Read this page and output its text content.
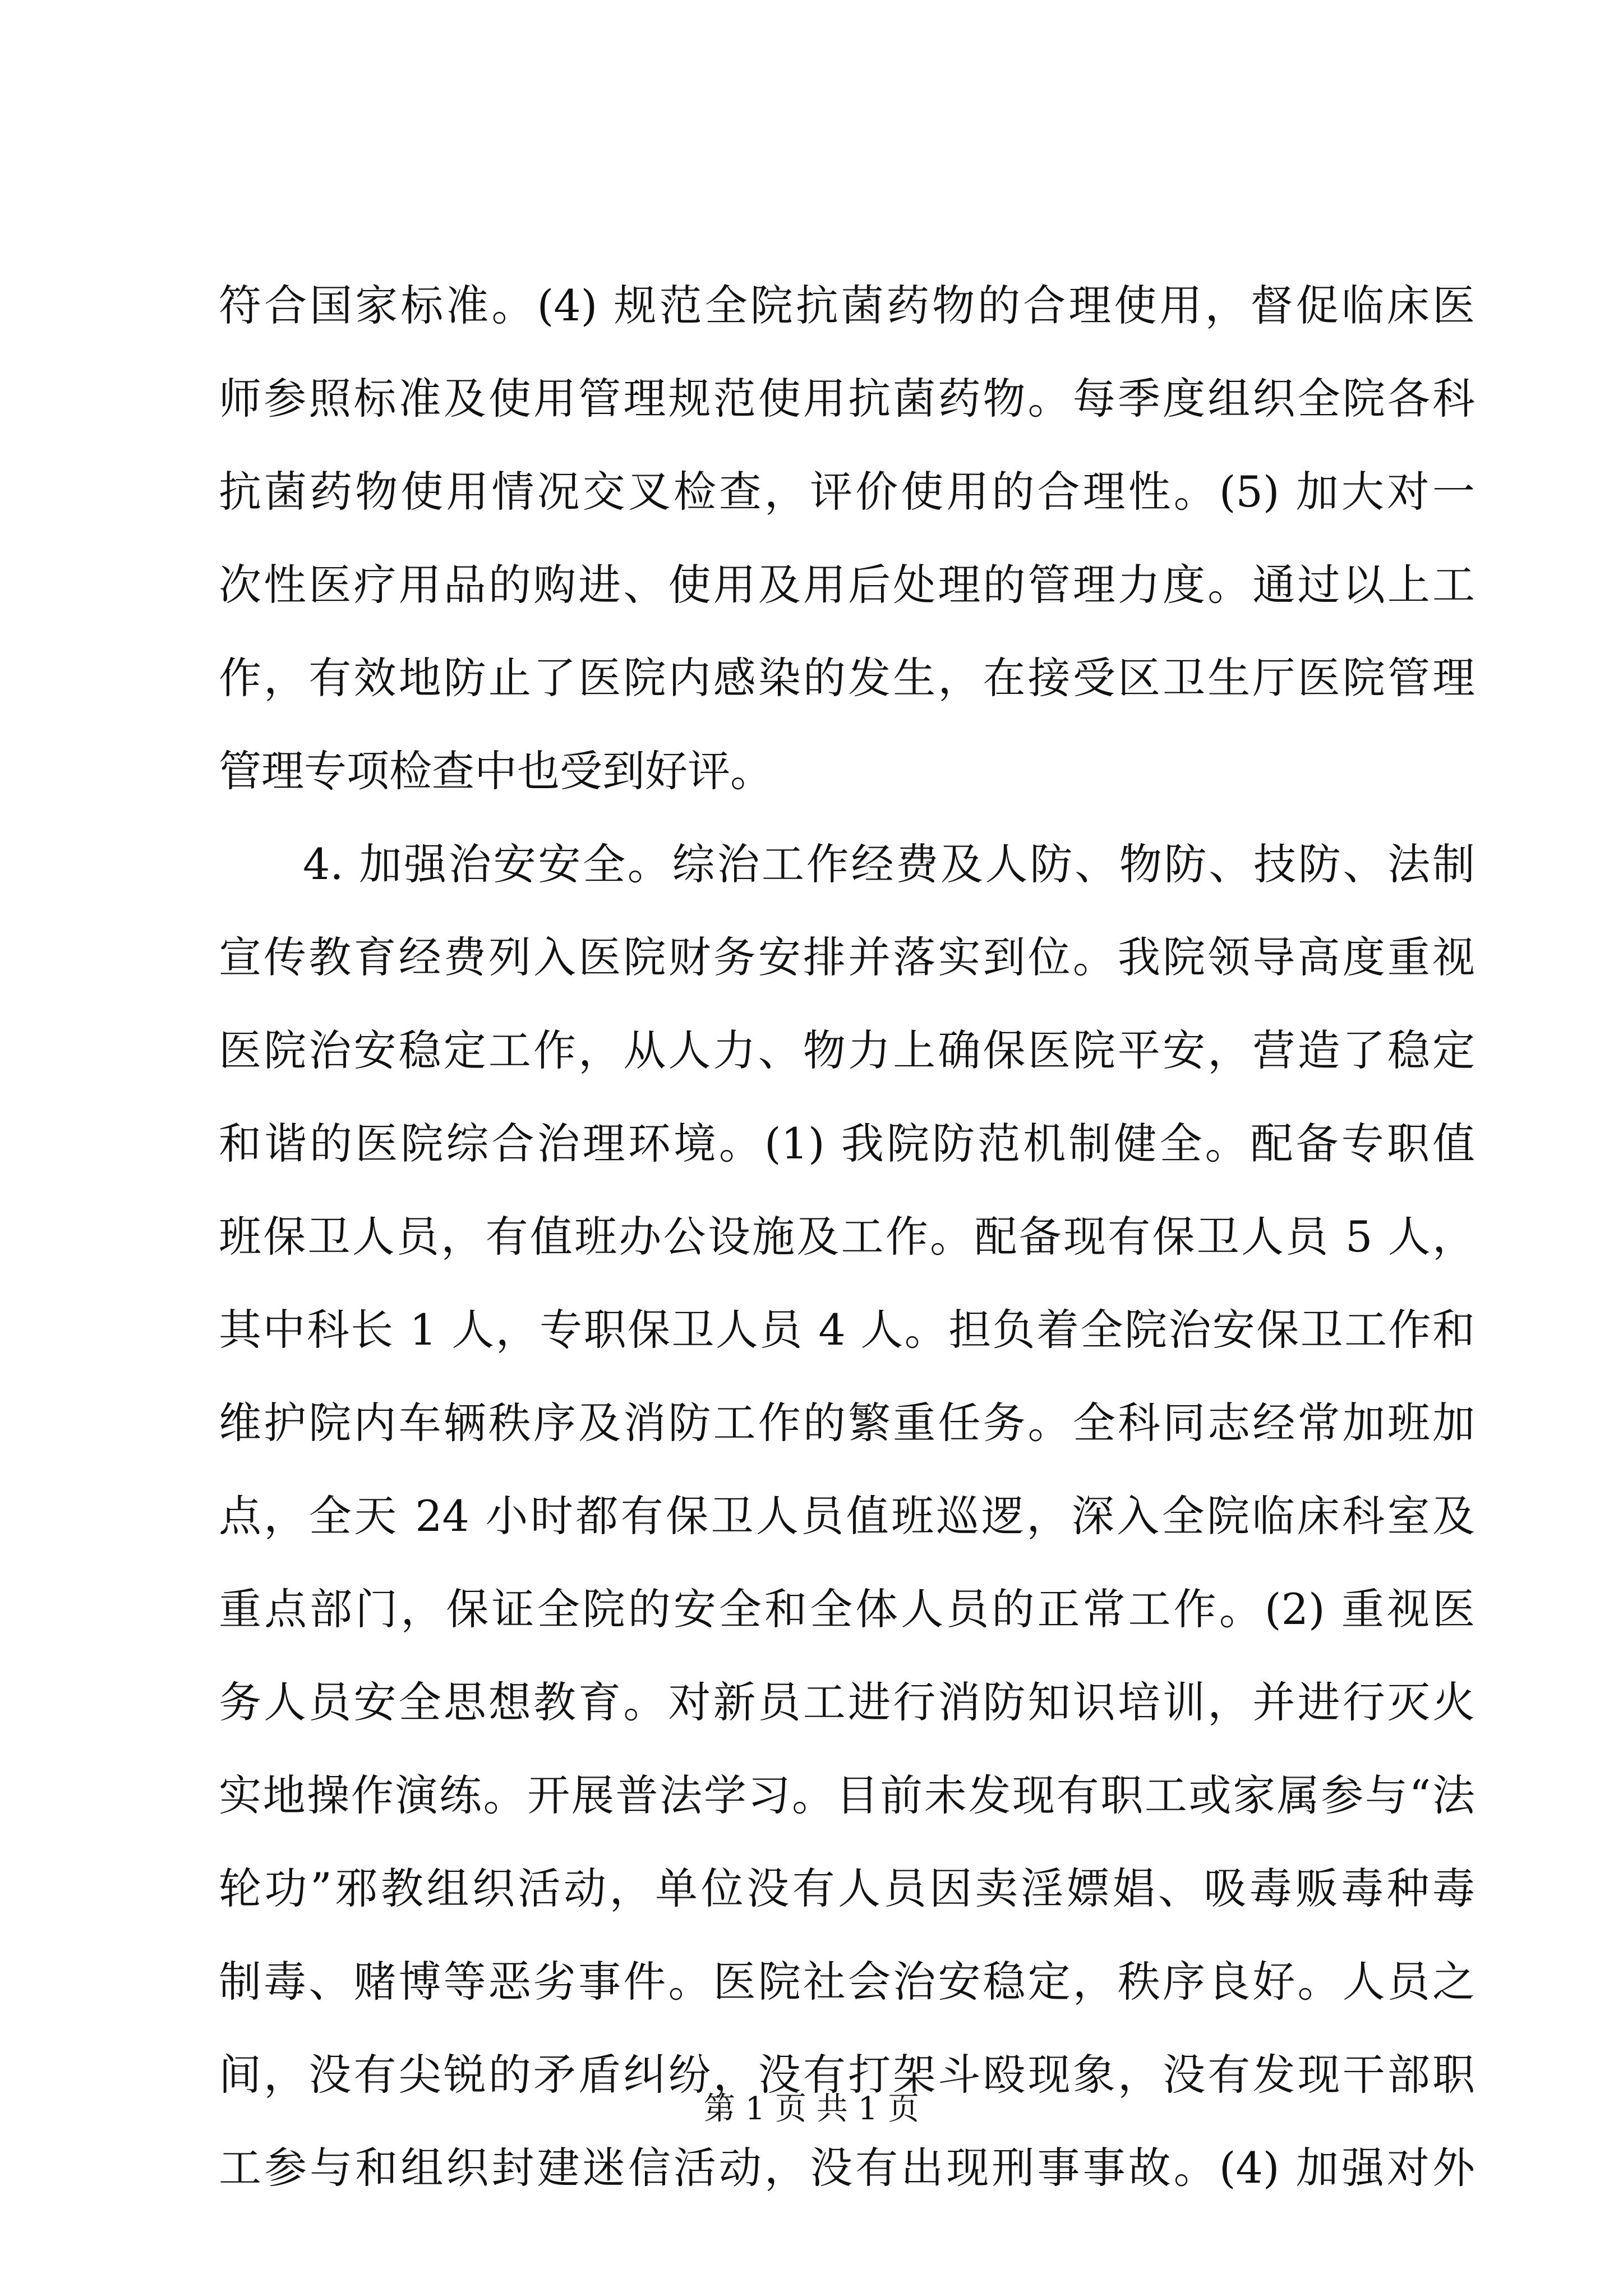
符合国家标准。(4) 规范全院抗菌药物的合理使用，督促临床医
师参照标准及使用管理规范使用抗菌药物。每季度组织全院各科
抗菌药物使用情况交叉检查，评价使用的合理性。(5) 加大对一
次性医疗用品的购进、使用及用后处理的管理力度。通过以上工
作，有效地防止了医院内感染的发生，在接受区卫生厅医院管理
管理专项检查中也受到好评。
4. 加强治安安全。综治工作经费及人防、物防、技防、法制
宣传教育经费列入医院财务安排并落实到位。我院领导高度重视
医院治安稳定工作，从人力、物力上确保医院平安，营造了稳定
和谐的医院综合治理环境。(1) 我院防范机制健全。配备专职值
班保卫人员，有值班办公设施及工作。配备现有保卫人员 5 人，
其中科长 1 人，专职保卫人员 4 人。担负着全院治安保卫工作和
维护院内车辆秩序及消防工作的繁重任务。全科同志经常加班加
点，全天 24 小时都有保卫人员值班巡逻，深入全院临床科室及
重点部门，保证全院的安全和全体人员的正常工作。(2) 重视医
务人员安全思想教育。对新员工进行消防知识培训，并进行灭火
实地操作演练。开展普法学习。目前未发现有职工或家属参与“法
轮功”邪教组织活动，单位没有人员因卖淫嫖娼、吸毒贩毒种毒
制毒、赌博等恶劣事件。医院社会治安稳定，秩序良好。人员之
间，没有尖锐的矛盾纠纷，没有打架斗殴现象，没有发现干部职
工参与和组织封建迷信活动，没有出现刑事事故。(4) 加强对外
第 1 页 共 1 页
